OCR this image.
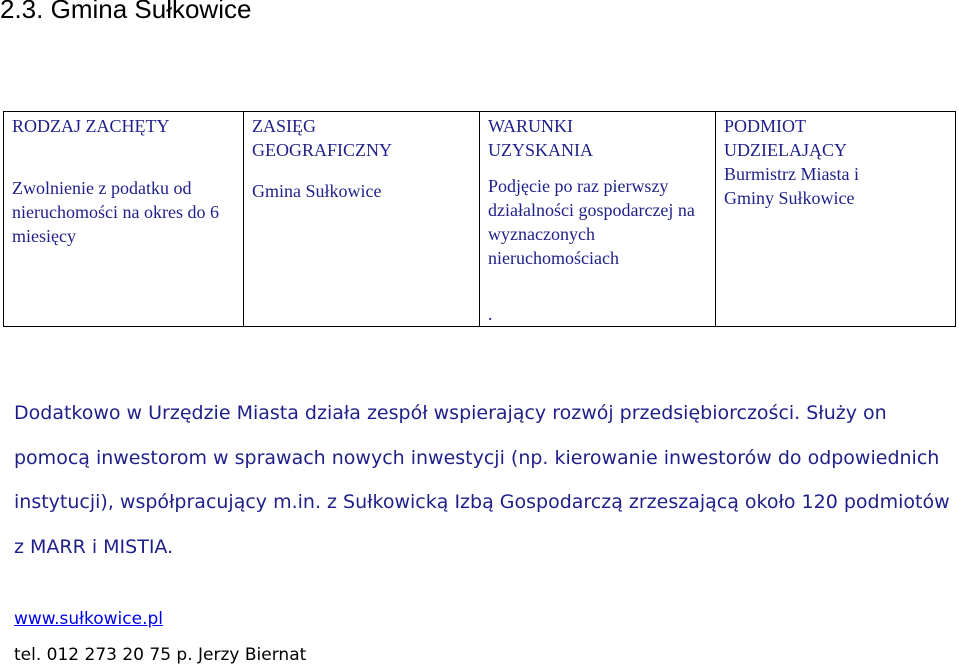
2.3. Gmina Sułkowice
RODZAJ ZACHĘTY
Zwolnienie z podatku od nieruchomości na okres do 6 miesięcy

ZASIĘG GEOGRAFICZNY
Gmina Sułkowice

WARUNKI UZYSKANIA
Podjęcie po raz pierwszy działalności gospodarczej na wyznaczonych nieruchomościach
.

PODMIOT UDZIELAJĄCY
Burmistrz Miasta i Gminy Sułkowice
Dodatkowo w Urzędzie Miasta działa zespół wspierający rozwój przedsiębiorczości. Służy on pomocą inwestorom w sprawach nowych inwestycji (np. kierowanie inwestorów do odpowiednich instytucji), współpracujący m.in. z Sułkowicką Izbą Gospodarczą zrzeszającą około 120 podmiotów z MARR i MISTIA.
www.sułkowice.pl
tel. 012 273 20 75 p. Jerzy Biernat
